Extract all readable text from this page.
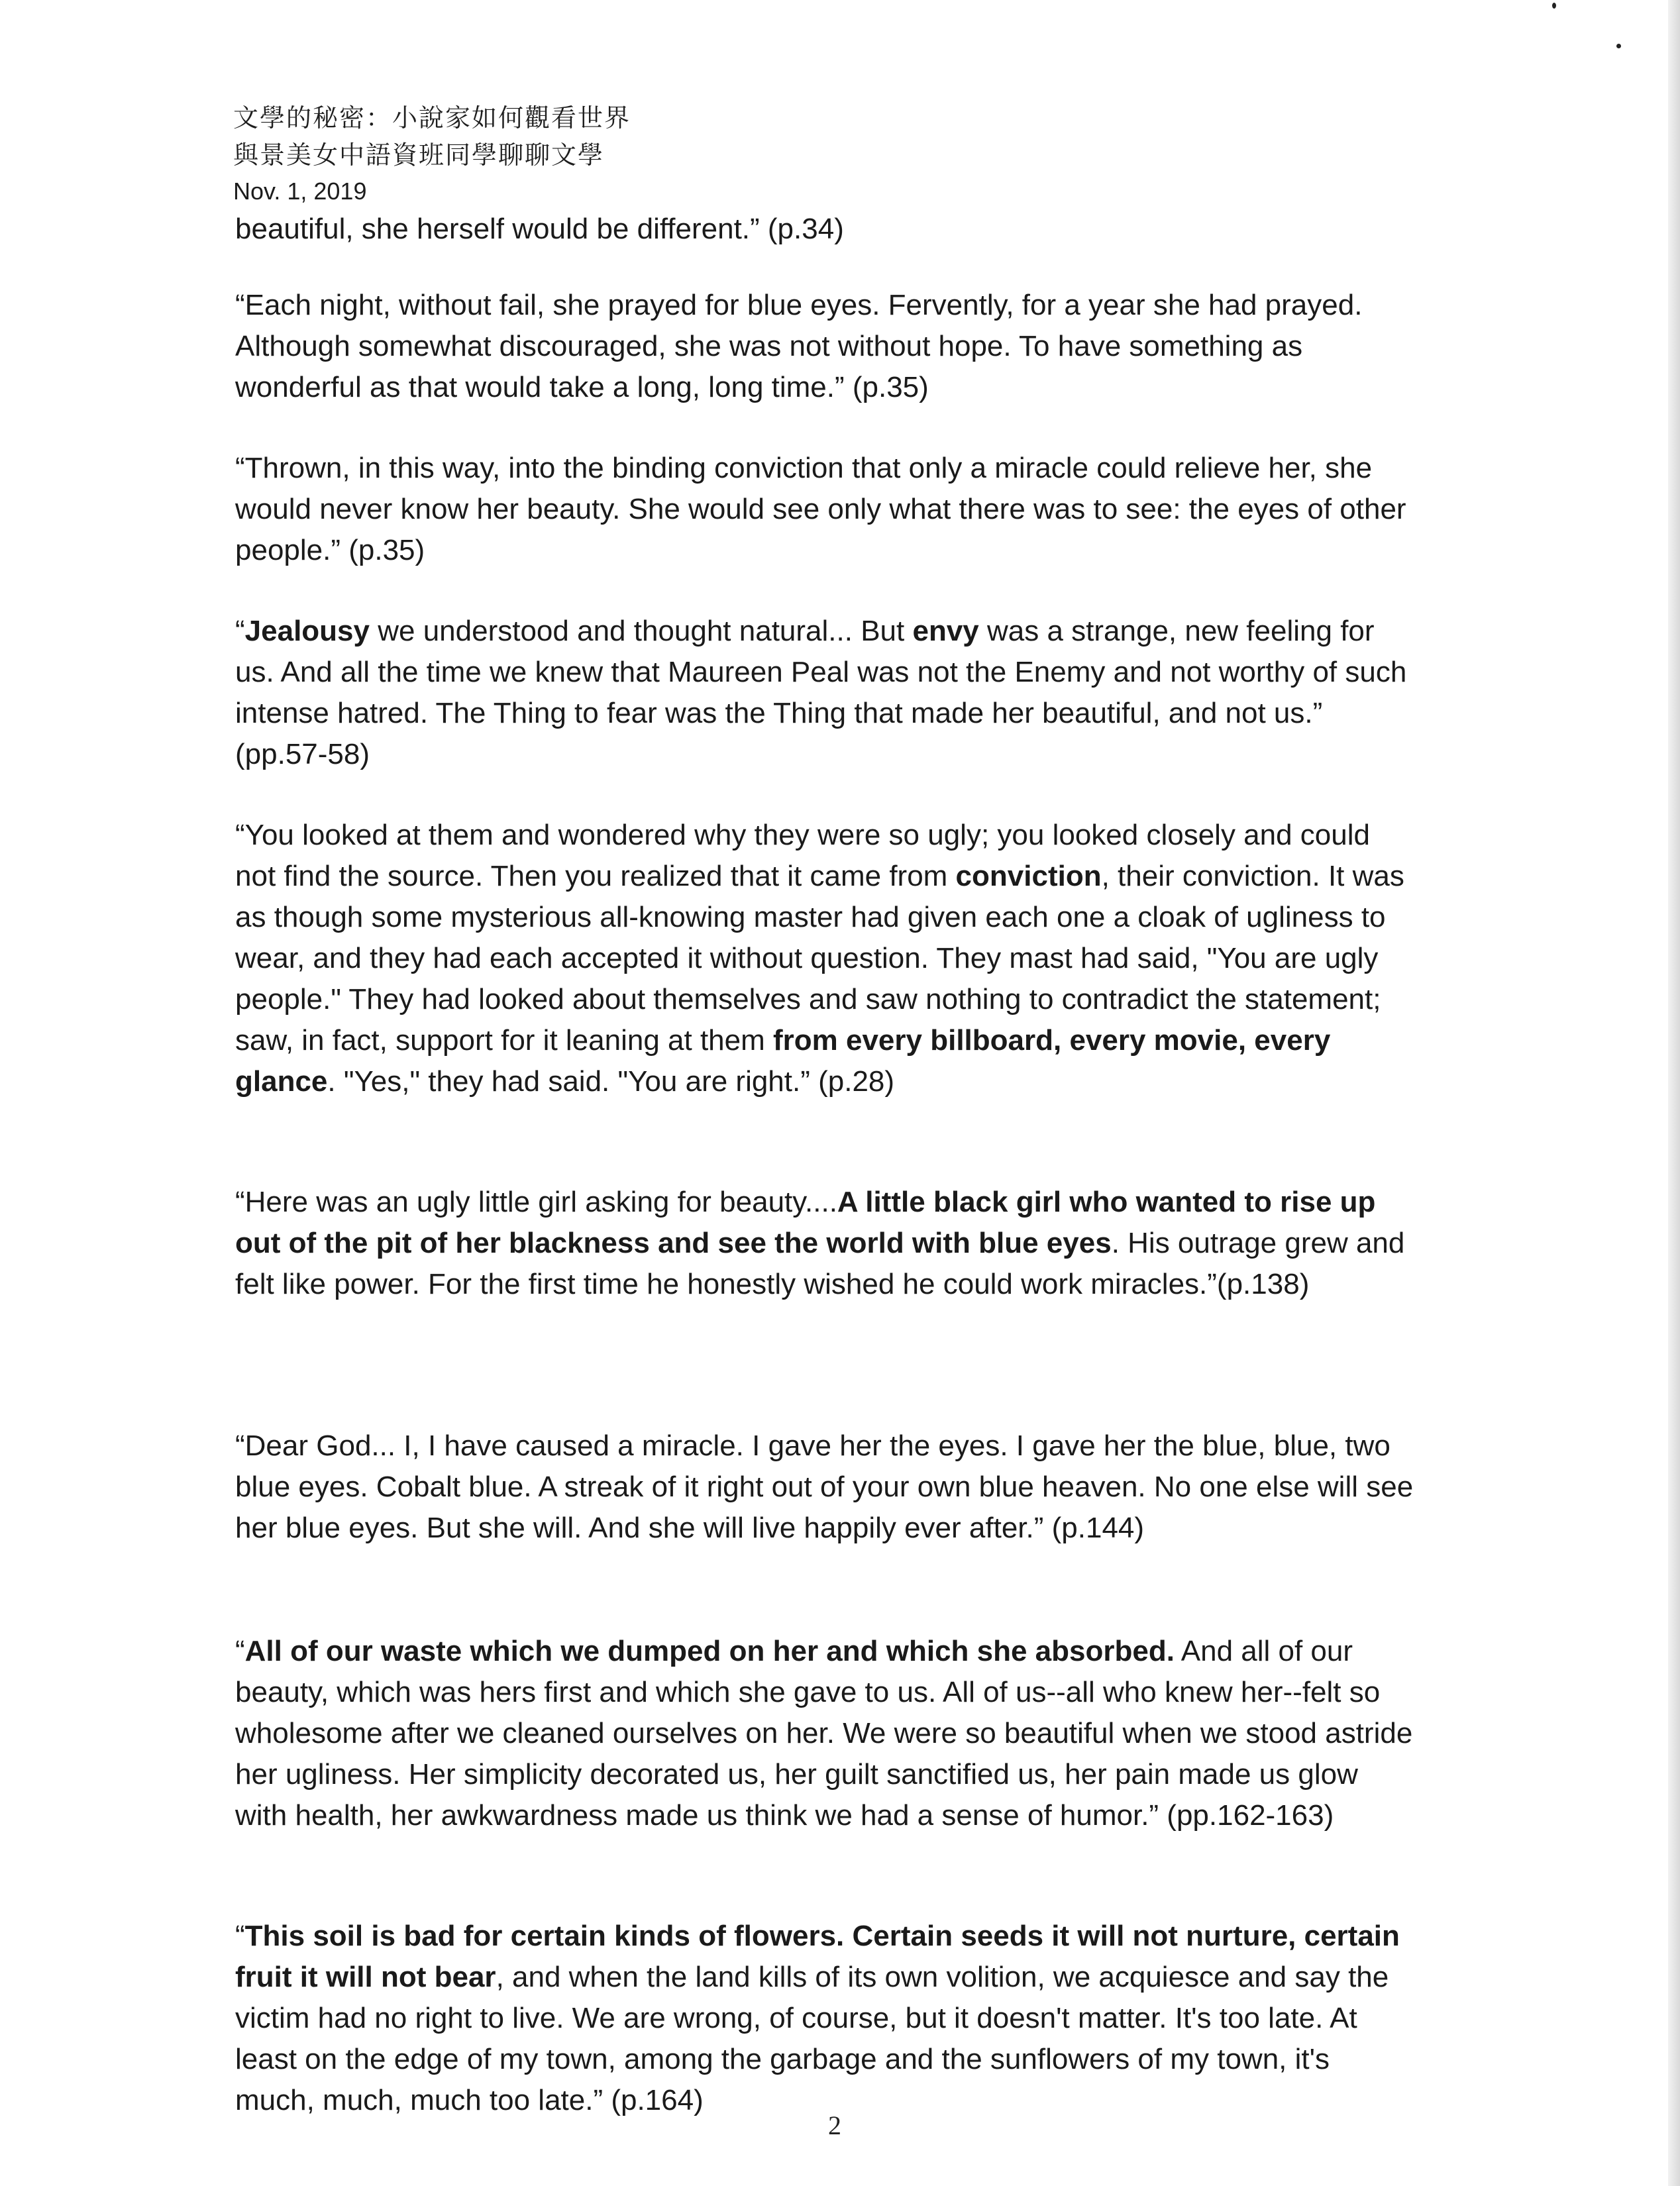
文學的秘密：小說家如何觀看世界
與景美女中語資班同學聊聊文學
Nov. 1, 2019

beautiful, she herself would be different.” (p.34)

“Each night, without fail, she prayed for blue eyes. Fervently, for a year she had prayed. Although somewhat discouraged, she was not without hope. To have something as wonderful as that would take a long, long time.” (p.35)

“Thrown, in this way, into the binding conviction that only a miracle could relieve her, she would never know her beauty. She would see only what there was to see: the eyes of other people.” (p.35)

“Jealousy we understood and thought natural... But envy was a strange, new feeling for us. And all the time we knew that Maureen Peal was not the Enemy and not worthy of such intense hatred. The Thing to fear was the Thing that made her beautiful, and not us.” (pp.57-58)

“You looked at them and wondered why they were so ugly; you looked closely and could not find the source. Then you realized that it came from conviction, their conviction. It was as though some mysterious all-knowing master had given each one a cloak of ugliness to wear, and they had each accepted it without question. They mast had said, "You are ugly people." They had looked about themselves and saw nothing to contradict the statement; saw, in fact, support for it leaning at them from every billboard, every movie, every glance. "Yes," they had said. "You are right.” (p.28)

“Here was an ugly little girl asking for beauty....A little black girl who wanted to rise up out of the pit of her blackness and see the world with blue eyes. His outrage grew and felt like power. For the first time he honestly wished he could work miracles.”(p.138)

“Dear God... I, I have caused a miracle. I gave her the eyes. I gave her the blue, blue, two blue eyes. Cobalt blue. A streak of it right out of your own blue heaven. No one else will see her blue eyes. But she will. And she will live happily ever after.” (p.144)

“All of our waste which we dumped on her and which she absorbed. And all of our beauty, which was hers first and which she gave to us. All of us--all who knew her--felt so wholesome after we cleaned ourselves on her. We were so beautiful when we stood astride her ugliness. Her simplicity decorated us, her guilt sanctified us, her pain made us glow with health, her awkwardness made us think we had a sense of humor.” (pp.162-163)

“This soil is bad for certain kinds of flowers. Certain seeds it will not nurture, certain fruit it will not bear, and when the land kills of its own volition, we acquiesce and say the victim had no right to live. We are wrong, of course, but it doesn't matter. It's too late. At least on the edge of my town, among the garbage and the sunflowers of my town, it's much, much, much too late.” (p.164)

2
